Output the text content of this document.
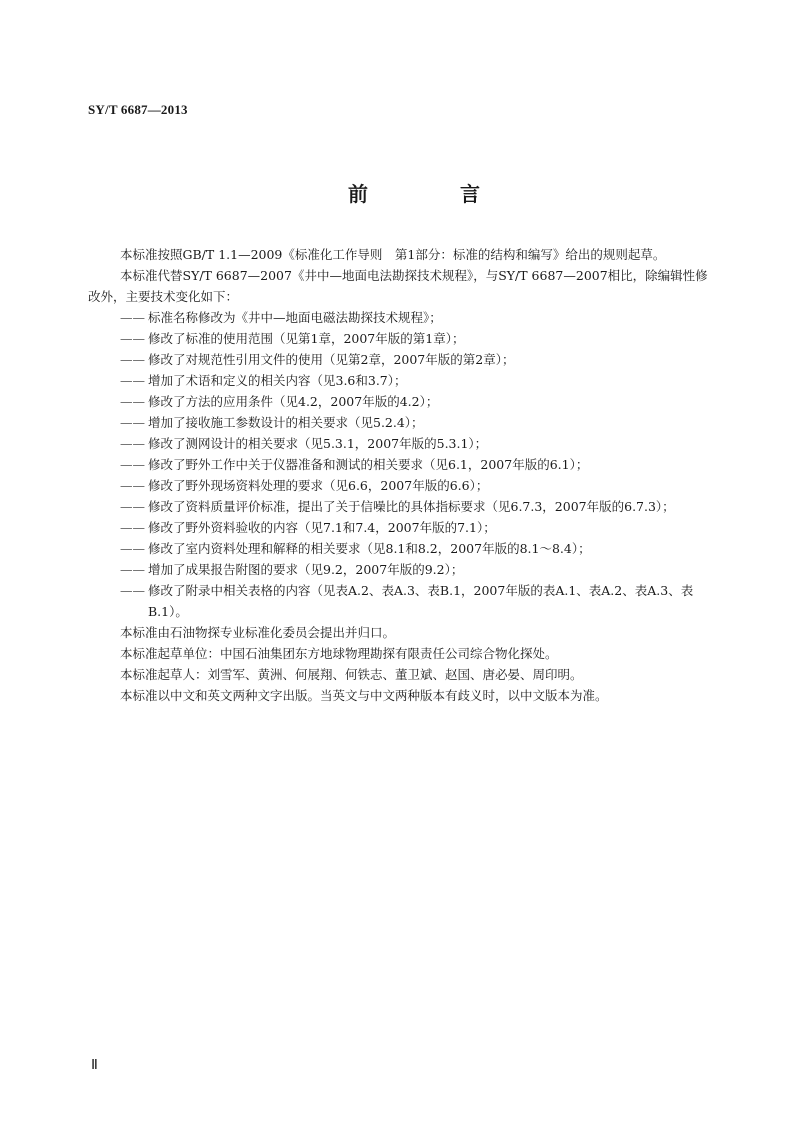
SY/T 6687—2013
前　言

本标准按照GB/T 1.1—2009《标准化工作导则　第1部分：标准的结构和编写》给出的规则起草。

本标准代替SY/T 6687—2007《井中—地面电法勘探技术规程》，与SY/T 6687—2007相比，除编辑性修改外，主要技术变化如下：

—— 标准名称修改为《井中—地面电磁法勘探技术规程》；

—— 修改了标准的使用范围（见第1章，2007年版的第1章）；

—— 修改了对规范性引用文件的使用（见第2章，2007年版的第2章）；

—— 增加了术语和定义的相关内容（见3.6和3.7）；

—— 修改了方法的应用条件（见4.2，2007年版的4.2）；

—— 增加了接收施工参数设计的相关要求（见5.2.4）；

—— 修改了测网设计的相关要求（见5.3.1，2007年版的5.3.1）；

—— 修改了野外工作中关于仪器准备和测试的相关要求（见6.1，2007年版的6.1）；

—— 修改了野外现场资料处理的要求（见6.6，2007年版的6.6）；

—— 修改了资料质量评价标准，提出了关于信噪比的具体指标要求（见6.7.3，2007年版的6.7.3）；

—— 修改了野外资料验收的内容（见7.1和7.4，2007年版的7.1）；

—— 修改了室内资料处理和解释的相关要求（见8.1和8.2，2007年版的8.1～8.4）；

—— 增加了成果报告附图的要求（见9.2，2007年版的9.2）；

—— 修改了附录中相关表格的内容（见表A.2、表A.3、表B.1，2007年版的表A.1、表A.2、表A.3、表B.1）。

本标准由石油物探专业标准化委员会提出并归口。

本标准起草单位：中国石油集团东方地球物理勘探有限责任公司综合物化探处。

本标准起草人：刘雪军、黄洲、何展翔、何铁志、董卫斌、赵国、唐必晏、周印明。

本标准以中文和英文两种文字出版。当英文与中文两种版本有歧义时，以中文版本为准。

Ⅱ
